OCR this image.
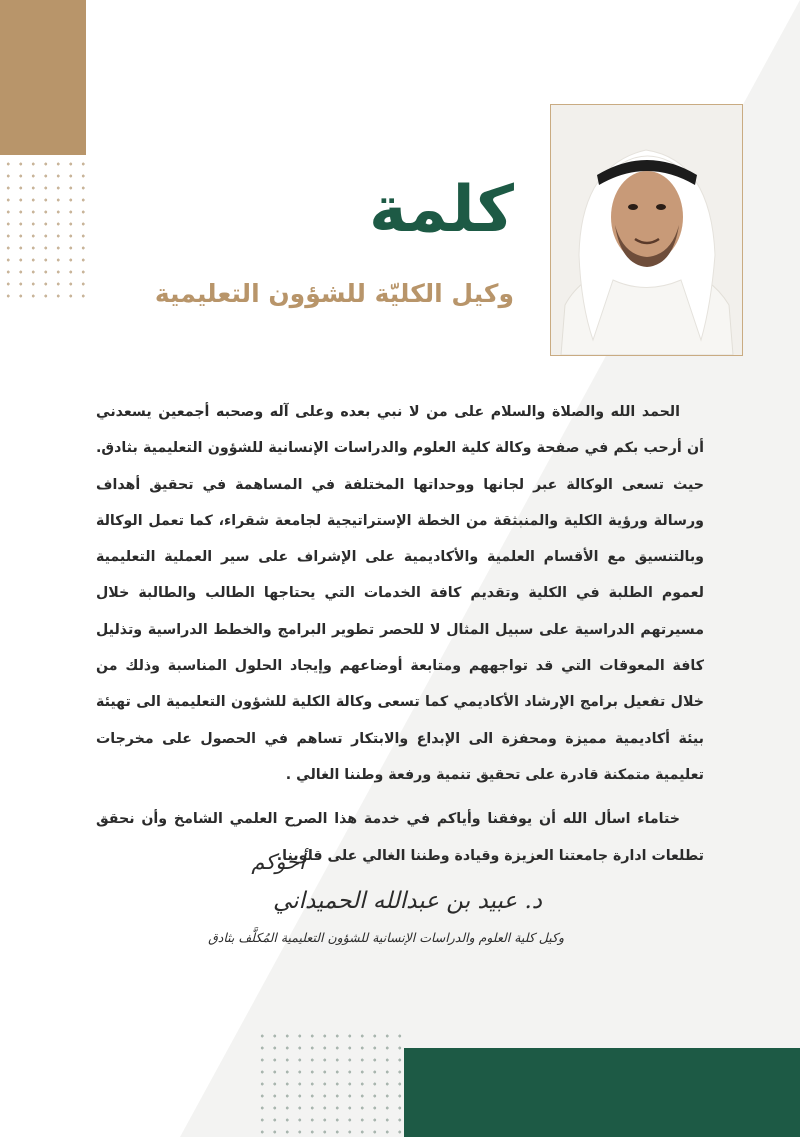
كلمة
وكيل الكليّة للشؤون التعليمية

الحمد الله والصلاة والسلام على من لا نبي بعده وعلى آله وصحبه أجمعين يسعدني أن أرحب بكم في صفحة وكالة كلية العلوم والدراسات الإنسانية للشؤون التعليمية بثادق. حيث تسعى الوكالة عبر لجانها ووحداتها المختلفة في المساهمة في تحقيق أهداف ورسالة ورؤية الكلية والمنبثقة من الخطة الإستراتيجية لجامعة شقراء، كما تعمل الوكالة وبالتنسيق مع الأقسام العلمية والأكاديمية على الإشراف على سير العملية التعليمية لعموم الطلبة في الكلية وتقديم كافة الخدمات التي يحتاجها الطالب والطالبة خلال مسيرتهم الدراسية على سبيل المثال لا للحصر تطوير البرامج والخطط الدراسية وتذليل كافة المعوقات التي قد تواجههم ومتابعة أوضاعهم وإيجاد الحلول المناسبة وذلك من خلال تفعيل برامج الإرشاد الأكاديمي كما تسعى وكالة الكلية للشؤون التعليمية الى تهيئة بيئة أكاديمية مميزة ومحفزة الى الإبداع والابتكار تساهم في الحصول على مخرجات تعليمية متمكنة قادرة على تحقيق تنمية ورفعة وطننا الغالي .

ختاماء اسأل الله أن يوفقنا وأياكم في خدمة هذا الصرح العلمي الشامخ وأن نحقق تطلعات ادارة جامعتنا العزيزة وقيادة وطننا الغالي على قلوبنا.

أخوكم

د. عبيد بن عبدالله الحميداني

وكيل كلية العلوم والدراسات الإنسانية للشؤون التعليمية المُكلَّف بثادق
